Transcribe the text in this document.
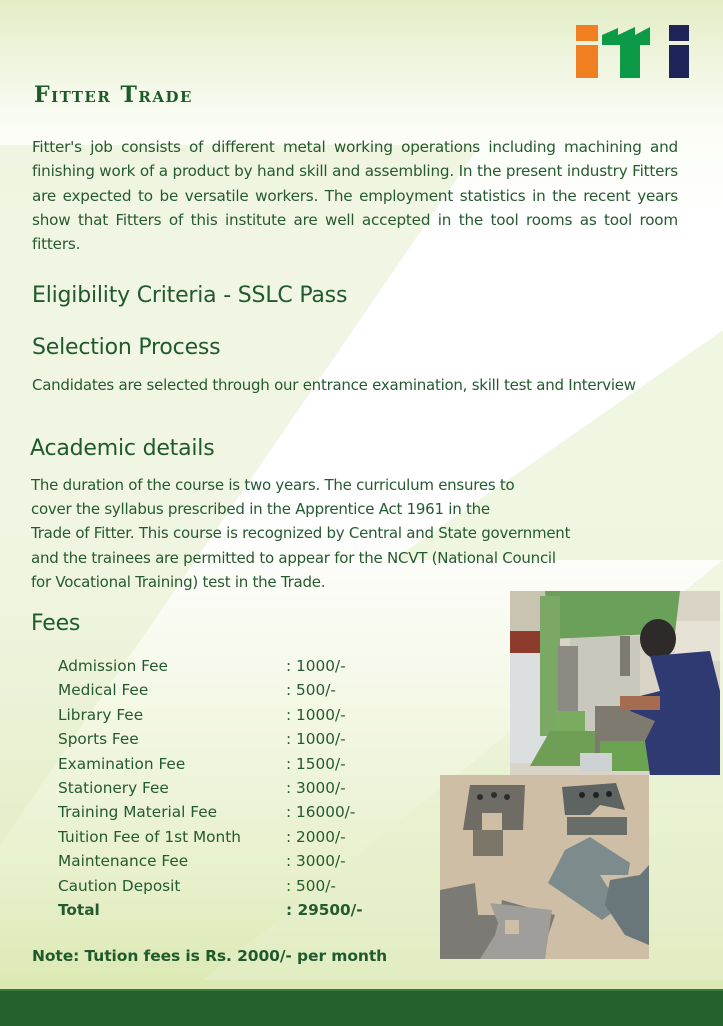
Fitter Trade

Fitter's job consists of different metal working operations including machining and finishing work of a product by hand skill and assembling. In the present industry Fitters are expected to be versatile workers. The employment statistics in the recent years show that Fitters of this institute are well accepted in the tool rooms as tool room fitters.

Eligibility Criteria - SSLC Pass
Selection Process

Candidates are selected through our entrance examination, skill test and Interview

Academic details
The duration of the course is two years. The curriculum ensures to
cover the syllabus prescribed in the Apprentice Act 1961 in the
Trade of Fitter. This course is recognized by Central and State government
and the trainees are permitted to appear for the NCVT (National Council
for Vocational Training) test in the Trade.
Fees
Admission Fee	: 1000/-
Medical Fee	: 500/-
Library Fee	: 1000/-
Sports Fee	: 1000/-
Examination Fee	: 1500/-
Stationery Fee	: 3000/-
Training Material Fee	: 16000/-
Tuition Fee of 1st Month	: 2000/-
Maintenance Fee	: 3000/-
Caution Deposit	: 500/-
Total	: 29500/-

Note: Tution fees is Rs. 2000/- per month
